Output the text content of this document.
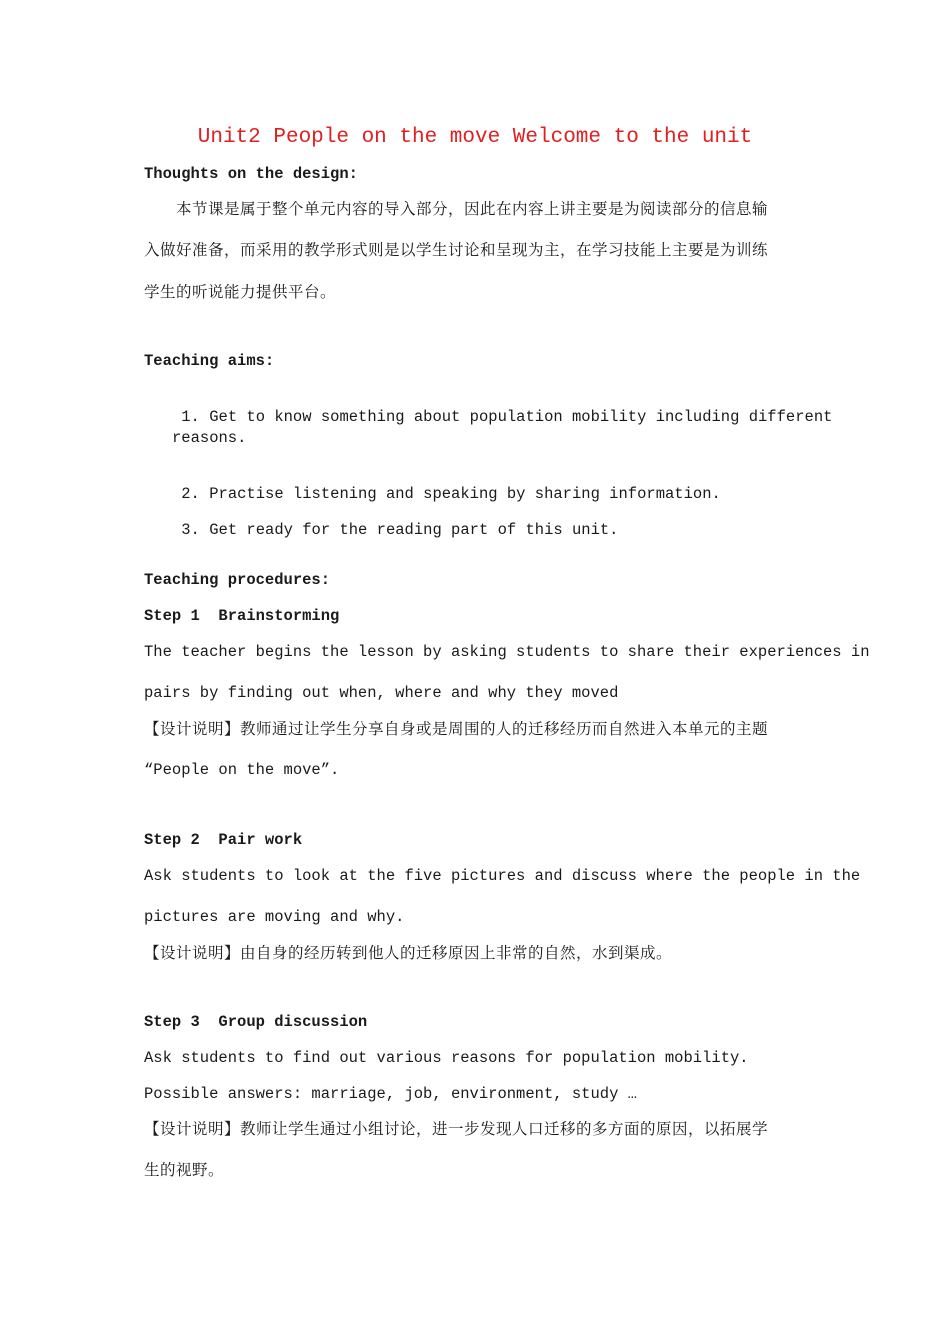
Unit2 People on the move Welcome to the unit
Thoughts on the design:
本节课是属于整个单元内容的导入部分，因此在内容上讲主要是为阅读部分的信息输
入做好准备，而采用的教学形式则是以学生讨论和呈现为主，在学习技能上主要是为训练
学生的听说能力提供平台。
Teaching aims:

1. Get to know something about population mobility including different

reasons.

2. Practise listening and speaking by sharing information.

3. Get ready for the reading part of this unit.

Teaching procedures:
Step 1  Brainstorming
The teacher begins the lesson by asking students to share their experiences in
pairs by finding out when, where and why they moved
【设计说明】教师通过让学生分享自身或是周围的人的迁移经历而自然进入本单元的主题
“People on the move”.
Step 2  Pair work
Ask students to look at the five pictures and discuss where the people in the
pictures are moving and why.
【设计说明】由自身的经历转到他人的迁移原因上非常的自然，水到渠成。
Step 3  Group discussion
Ask students to find out various reasons for population mobility.
Possible answers: marriage, job, environment, study …
【设计说明】教师让学生通过小组讨论，进一步发现人口迁移的多方面的原因，以拓展学
生的视野。
